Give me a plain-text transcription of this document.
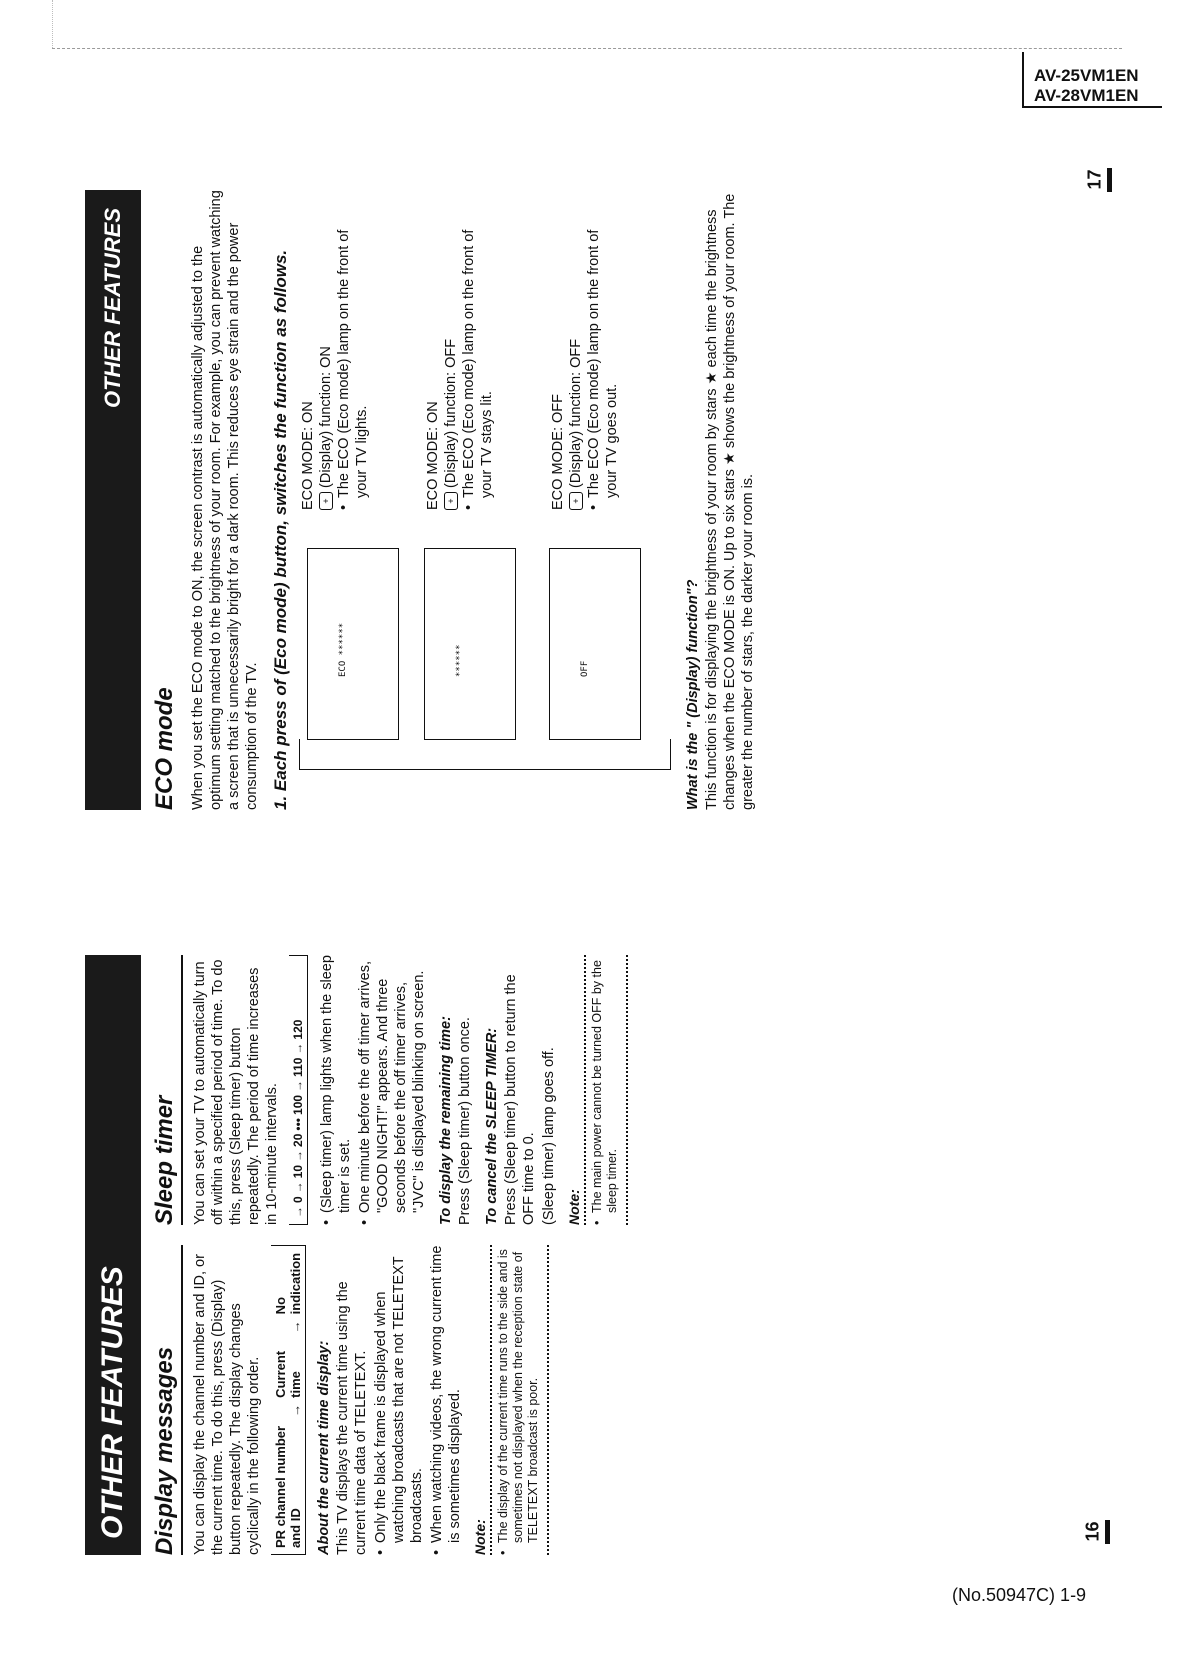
AV-25VM1EN
AV-28VM1EN
17
16
(No.50947C) 1-9
OTHER FEATURES Display messages You can display the channel number and ID, or the current time. To do this, press (Display) button repeatedly. The display changes cyclically in the following order. PR channel number and ID
→
Current time
→
No indication
About the current time display: This TV displays the current time using the current time data of TELETEXT. • Only the black frame is displayed when watching broadcasts that are not TELETEXT broadcasts. • When watching videos, the wrong current time is sometimes displayed. Note: • The display of the current time runs to the side and is sometimes not displayed when the reception state of TELETEXT broadcast is poor.
Sleep timer You can set your TV to automatically turn off within a specified period of time. To do this, press (Sleep timer) button repeatedly. The period of time increases in 10-minute intervals. →
0
→
10
→
20
•••
100
→
110
→
120 • (Sleep timer) lamp lights when the sleep timer is set. • One minute before the off timer arrives, "GOOD NIGHT!" appears. And three seconds before the off timer arrives, "JVC" is displayed blinking on screen. To display the remaining time: Press (Sleep timer) button once. To cancel the SLEEP TIMER: Press (Sleep timer) button to return the OFF time to 0. (Sleep timer) lamp goes off. Note: • The main power cannot be turned OFF by the sleep timer.
OTHER FEATURES
ECO mode When you set the ECO mode to ON, the screen contrast is automatically adjusted to the optimum setting matched to the brightness of your room. For example, you can prevent watching a screen that is unnecessarily bright for a dark room. This reduces eye strain and the power consumption of the TV. 1. Each press of (Eco mode) button, switches the function as follows.	ECO ******
ECO MODE: ON + (Display) function: ON • The ECO (Eco mode) lamp on the front of your TV lights.
******
ECO MODE: ON + (Display) function: OFF • The ECO (Eco mode) lamp on the front of your TV stays lit.
OFF
ECO MODE: OFF + (Display) function: OFF • The ECO (Eco mode) lamp on the front of your TV goes out.
What is the " (Display) function"? This function is for displaying the brightness of your room by stars ★ each time the brightness changes when the ECO MODE is ON. Up to six stars ★ shows the brightness of your room. The greater the number of stars, the darker your room is.
